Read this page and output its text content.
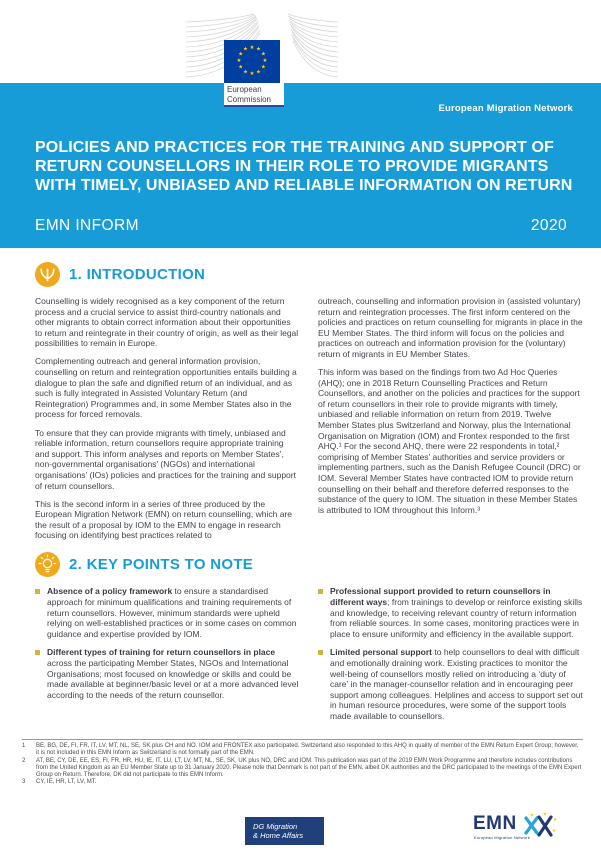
★ ★
★
★
★
★
★
★
★
★
★
★
European
Commission
European Migration Network
POLICIES AND PRACTICES FOR THE TRAINING AND SUPPORT OF
RETURN COUNSELLORS IN THEIR ROLE TO PROVIDE MIGRANTS
WITH TIMELY, UNBIASED AND RELIABLE INFORMATION ON RETURN
EMN INFORM	2020
1. INTRODUCTION

Counselling is widely recognised as a key component of the return process and a crucial service to assist third-country nationals and other migrants to obtain correct information about their opportunities to return and reintegrate in their country of origin, as well as their legal possibilities to remain in Europe.

Complementing outreach and general information provision, counselling on return and reintegration opportunities entails building a dialogue to plan the safe and dignified return of an individual, and as such is fully integrated in Assisted Voluntary Return (and Reintegration) Programmes and, in some Member States also in the process for forced removals.

To ensure that they can provide migrants with timely, unbiased and reliable information, return counsellors require appropriate training and support. This inform analyses and reports on Member States’, non-governmental organisations’ (NGOs) and international organisations’ (IOs) policies and practices for the training and support of return counsellors.

This is the second inform in a series of three produced by the European Migration Network (EMN) on return counselling, which are the result of a proposal by IOM to the EMN to engage in research focusing on identifying best practices related to

outreach, counselling and information provision in (assisted voluntary) return and reintegration processes. The first inform centered on the policies and practices on return counselling for migrants in place in the EU Member States. The third inform will focus on the policies and practices on outreach and information provision for the (voluntary) return of migrants in EU Member States.

This inform was based on the findings from two Ad Hoc Queries (AHQ); one in 2018 Return Counselling Practices and Return Counsellors, and another on the policies and practices for the support of return counsellors in their role to provide migrants with timely, unbiased and reliable information on return from 2019. Twelve Member States plus Switzerland and Norway, plus the International Organisation on Migration (IOM) and Frontex responded to the first AHQ.¹ For the second AHQ, there were 22 respondents in total,² comprising of Member States’ authorities and service providers or implementing partners, such as the Danish Refugee Council (DRC) or IOM. Several Member States have contracted IOM to provide return counselling on their behalf and therefore deferred responses to the substance of the query to IOM. The situation in these Member States is attributed to IOM throughout this Inform.³

2. KEY POINTS TO NOTE
Absence of a policy framework to ensure a standardised approach for minimum qualifications and training requirements of return counsellors. However, minimum standards were upheld relying on well-established practices or in some cases on common guidance and expertise provided by IOM.
Different types of training for return counsellors in place across the participating Member States, NGOs and International Organisations; most focused on knowledge or skills and could be made available at beginner/basic level or at a more advanced level according to the needs of the return counsellor.
Professional support provided to return counsellors in different ways; from trainings to develop or reinforce existing skills and knowledge, to receiving relevant country of return information from reliable sources. In some cases, monitoring practices were in place to ensure uniformity and efficiency in the available support.
Limited personal support to help counsellors to deal with difficult and emotionally draining work. Existing practices to monitor the well-being of counsellors mostly relied on introducing a ‘duty of care’ in the manager-counsellor relation and in encouraging peer support among colleagues. Helplines and access to support set out in human resource procedures, were some of the support tools made available to counsellors.
1	BE, BG, DE, FI, FR, IT, LV, MT, NL, SE, SK plus CH and NO. IOM and FRONTEX also participated. Switzerland also responded to this AHQ in quality of member of the EMN Return Expert Group; however, it is not included in this EMN Inform as Switzerland is not formally part of the EMN.
2	AT, BE, CY, DE, EE, ES, FI, FR, HR, HU, IE, IT, LU, LT, LV, MT, NL, SE, SK, UK plus NO, DRC and IOM. This publication was part of the 2019 EMN Work Programme and therefore includes contributions from the United Kingdom as an EU Member State up to 31 January 2020. Please note that Denmark is not part of the EMN, albeit DK authorities and the DRC participated to the meetings of the EMN Expert Group on Return. Therefore, DK did not participate to this EMN Inform.
3	CY, IE, HR, LT, LV, MT.
DG Migration
& Home Affairs
EMN	★ ★
★
★
European Migration Network
